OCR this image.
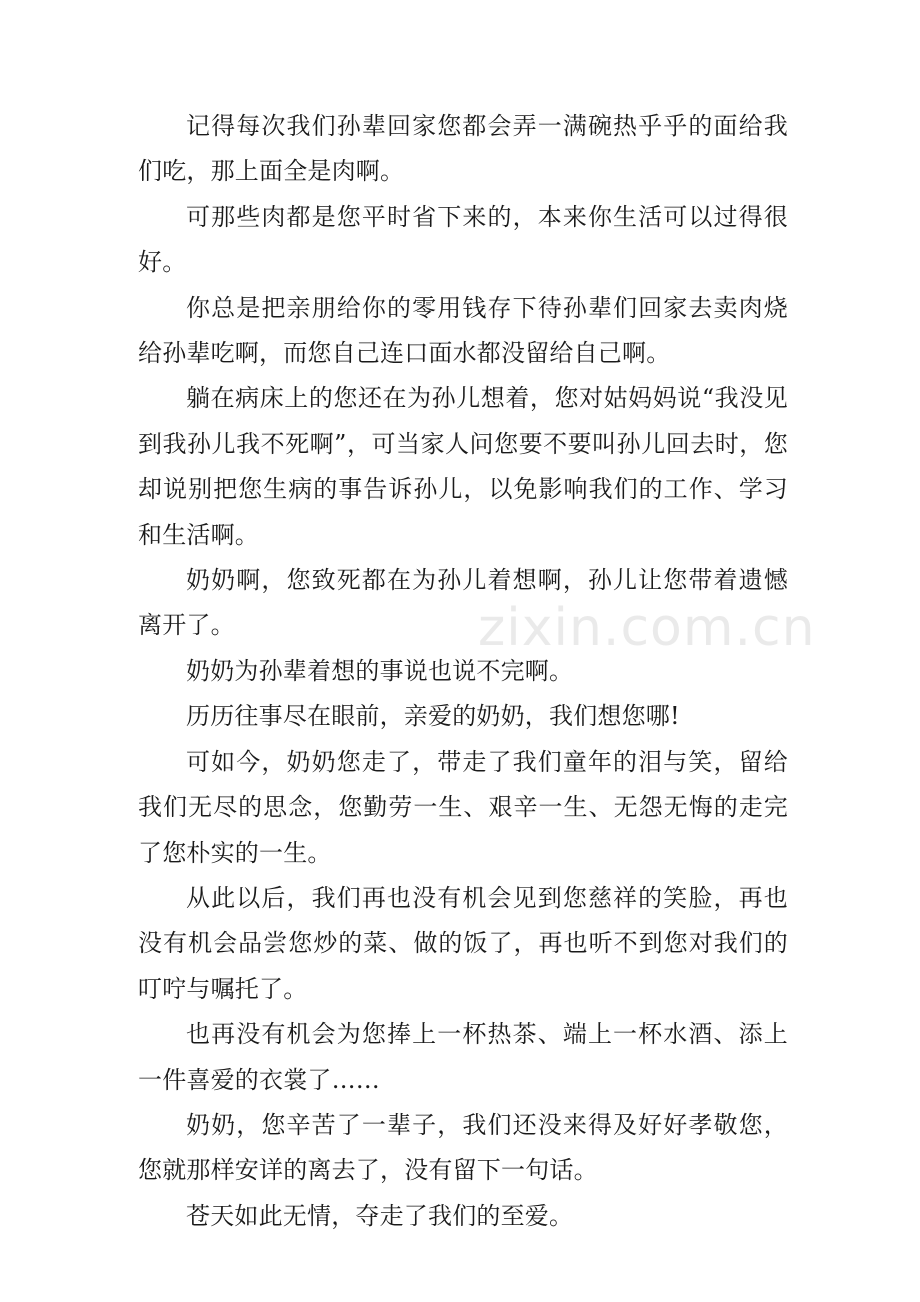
记得每次我们孙辈回家您都会弄一满碗热乎乎的面给我们吃，那上面全是肉啊。

可那些肉都是您平时省下来的，本来你生活可以过得很好。

你总是把亲朋给你的零用钱存下待孙辈们回家去卖肉烧给孙辈吃啊，而您自己连口面水都没留给自己啊。

躺在病床上的您还在为孙儿想着，您对姑妈妈说“我没见到我孙儿我不死啊”，可当家人问您要不要叫孙儿回去时，您却说别把您生病的事告诉孙儿，以免影响我们的工作、学习和生活啊。

奶奶啊，您致死都在为孙儿着想啊，孙儿让您带着遗憾离开了。

奶奶为孙辈着想的事说也说不完啊。

历历往事尽在眼前，亲爱的奶奶，我们想您哪!

可如今，奶奶您走了，带走了我们童年的泪与笑，留给我们无尽的思念，您勤劳一生、艰辛一生、无怨无悔的走完了您朴实的一生。

从此以后，我们再也没有机会见到您慈祥的笑脸，再也没有机会品尝您炒的菜、做的饭了，再也听不到您对我们的叮咛与嘱托了。

也再没有机会为您捧上一杯热茶、端上一杯水酒、添上一件喜爱的衣裳了……

奶奶，您辛苦了一辈子，我们还没来得及好好孝敬您，您就那样安详的离去了，没有留下一句话。

苍天如此无情，夺走了我们的至爱。

zixin.com.cn
